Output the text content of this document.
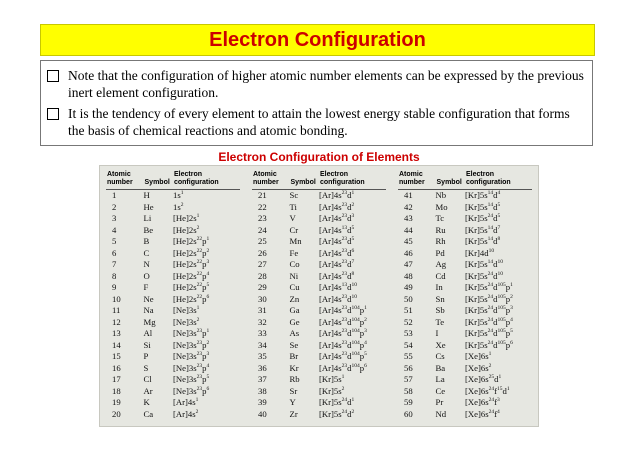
Electron Configuration
Note that the configuration of higher atomic number elements can be expressed by the previous inert element configuration.
It is the tendency of every element to attain the lowest energy stable configuration that forms the basis of chemical reactions and atomic bonding.
Electron Configuration of Elements
Atomic number	Symbol	Electron configuration
1	H	$1s^1$
2	He	$1s^2$
3	Li	$[He]2s^1$
4	Be	$[He]2s^2$
5	B	$[He]2s^{22}p^1$
6	C	$[He]2s^{22}p^2$
7	N	$[He]2s^{22}p^3$
8	O	$[He]2s^{22}p^4$
9	F	$[He]2s^{22}p^5$
10	Ne	$[He]2s^{22}p^6$
11	Na	$[Ne]3s^1$
12	Mg	$[Ne]3s^2$
13	Al	$[Ne]3s^{23}p^1$
14	Si	$[Ne]3s^{23}p^2$
15	P	$[Ne]3s^{23}p^3$
16	S	$[Ne]3s^{23}p^4$
17	Cl	$[Ne]3s^{23}p^5$
18	Ar	$[Ne]3s^{23}p^6$
19	K	$[Ar]4s^1$
20	Ca	$[Ar]4s^2$
Atomic number	Symbol	Electron configuration
21	Sc	$[Ar]4s^{23}d^1$
22	Ti	$[Ar]4s^{23}d^2$
23	V	$[Ar]4s^{23}d^3$
24	Cr	$[Ar]4s^{13}d^5$
25	Mn	$[Ar]4s^{23}d^5$
26	Fe	$[Ar]4s^{23}d^6$
27	Co	$[Ar]4s^{23}d^7$
28	Ni	$[Ar]4s^{23}d^8$
29	Cu	$[Ar]4s^{13}d^{10}$
30	Zn	$[Ar]4s^{23}d^{10}$
31	Ga	$[Ar]4s^{23}d^{104}p^1$
32	Ge	$[Ar]4s^{23}d^{104}p^2$
33	As	$[Ar]4s^{23}d^{104}p^3$
34	Se	$[Ar]4s^{23}d^{104}p^4$
35	Br	$[Ar]4s^{23}d^{104}p^5$
36	Kr	$[Ar]4s^{23}d^{104}p^6$
37	Rb	$[Kr]5s^1$
38	Sr	$[Kr]5s^2$
39	Y	$[Kr]5s^{24}d^1$
40	Zr	$[Kr]5s^{24}d^2$
Atomic number	Symbol	Electron configuration
41	Nb	$[Kr]5s^{14}d^4$
42	Mo	$[Kr]5s^{14}d^5$
43	Tc	$[Kr]5s^{24}d^5$
44	Ru	$[Kr]5s^{14}d^7$
45	Rh	$[Kr]5s^{14}d^8$
46	Pd	$[Kr]4d^{10}$
47	Ag	$[Kr]5s^{14}d^{10}$
48	Cd	$[Kr]5s^{24}d^{10}$
49	In	$[Kr]5s^{24}d^{105}p^1$
50	Sn	$[Kr]5s^{24}d^{105}p^2$
51	Sb	$[Kr]5s^{24}d^{105}p^3$
52	Te	$[Kr]5s^{24}d^{105}p^4$
53	I	$[Kr]5s^{24}d^{105}p^5$
54	Xe	$[Kr]5s^{24}d^{105}p^6$
55	Cs	$[Xe]6s^1$
56	Ba	$[Xe]6s^2$
57	La	$[Xe]6s^{25}d^1$
58	Ce	$[Xe]6s^{24}f^{15}d^1$
59	Pr	$[Xe]6s^{24}f^3$
60	Nd	$[Xe]6s^{24}f^4$
